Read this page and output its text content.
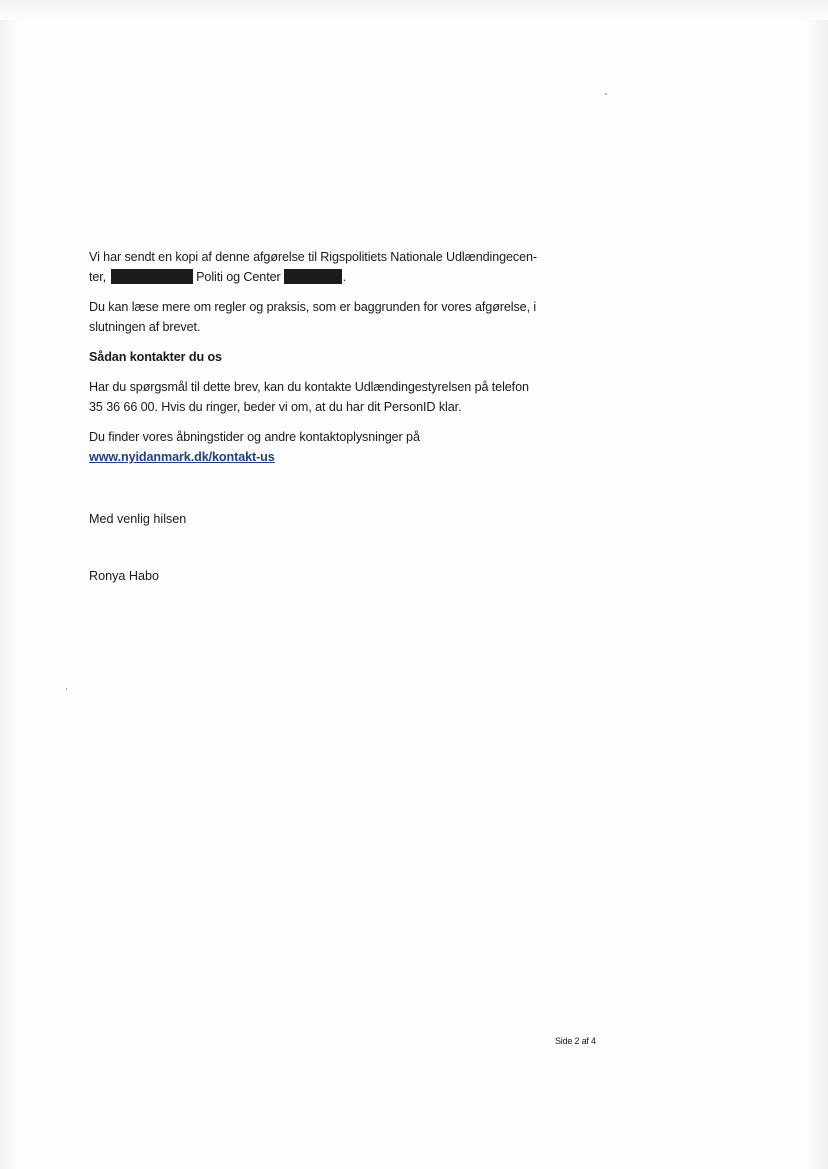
Vi har sendt en kopi af denne afgørelse til Rigspolitiets Nationale Udlændingecen-
ter,	Politi og Center	.

Du kan læse mere om regler og praksis, som er baggrunden for vores afgørelse, i
slutningen af brevet.

Sådan kontakter du os

Har du spørgsmål til dette brev, kan du kontakte Udlændingestyrelsen på telefon
35 36 66 00. Hvis du ringer, beder vi om, at du har dit PersonID klar.

Du finder vores åbningstider og andre kontaktoplysninger på
www.nyidanmark.dk/kontakt-us

Med venlig hilsen
Ronya Habo
Side 2 af 4
